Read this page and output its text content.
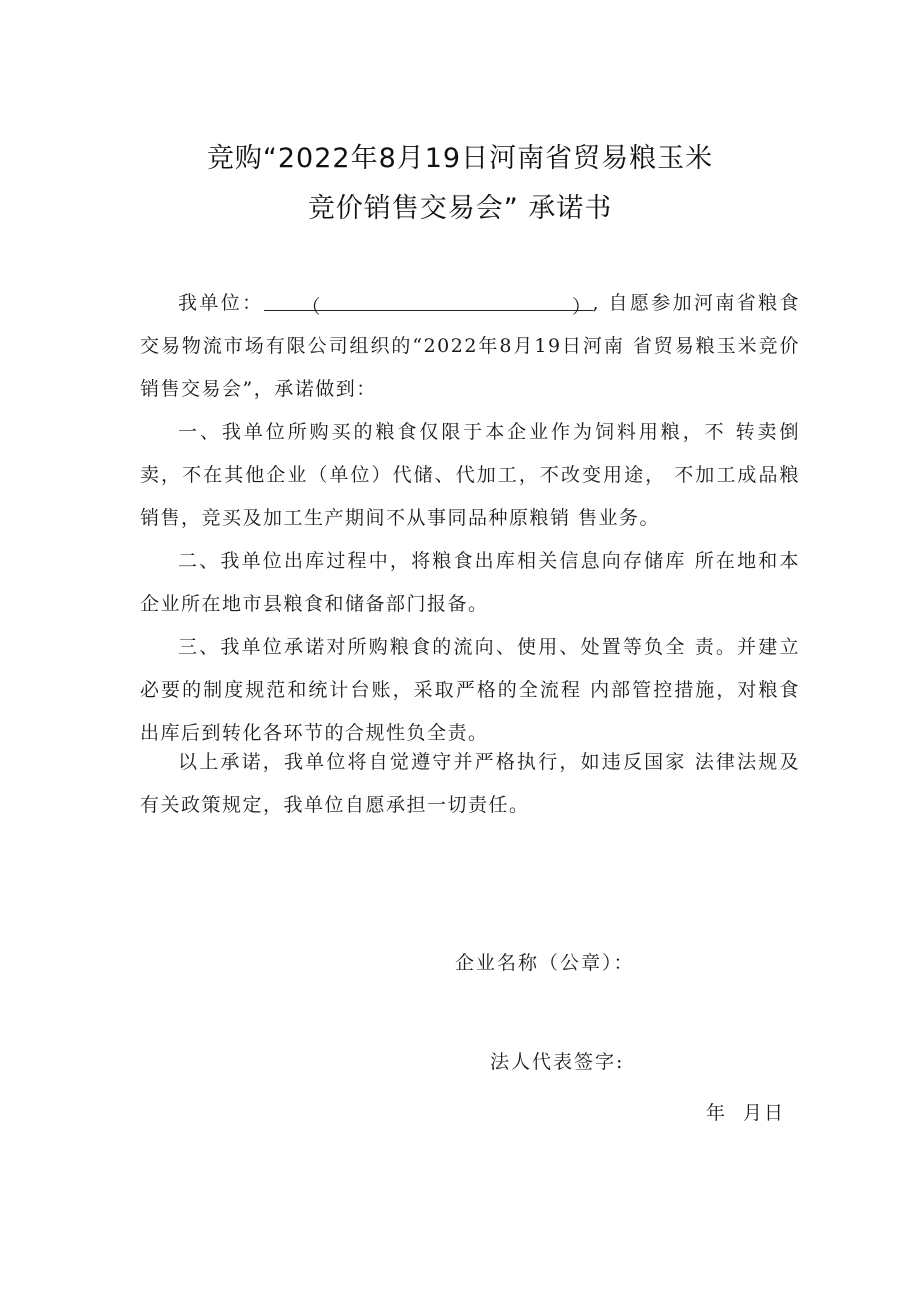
竞购“2022年8月19日河南省贸易粮玉米
竞价销售交易会” 承诺书

我单位： （	）, 自愿参加河南省粮食交易物流市场有限公司组织的“2022年8月19日河南 省贸易粮玉米竞价销售交易会”，承诺做到：

一、我单位所购买的粮食仅限于本企业作为饲料用粮，不 转卖倒卖，不在其他企业（单位）代储、代加工，不改变用途， 不加工成品粮销售，竞买及加工生产期间不从事同品种原粮销 售业务。

二、我单位出库过程中，将粮食出库相关信息向存储库 所在地和本企业所在地市县粮食和储备部门报备。

三、我单位承诺对所购粮食的流向、使用、处置等负全 责。并建立必要的制度规范和统计台账，采取严格的全流程 内部管控措施，对粮食出库后到转化各环节的合规性负全责。

以上承诺，我单位将自觉遵守并严格执行，如违反国家 法律法规及有关政策规定，我单位自愿承担一切责任。

企业名称（公章）：
法人代表签字:
年 月日
